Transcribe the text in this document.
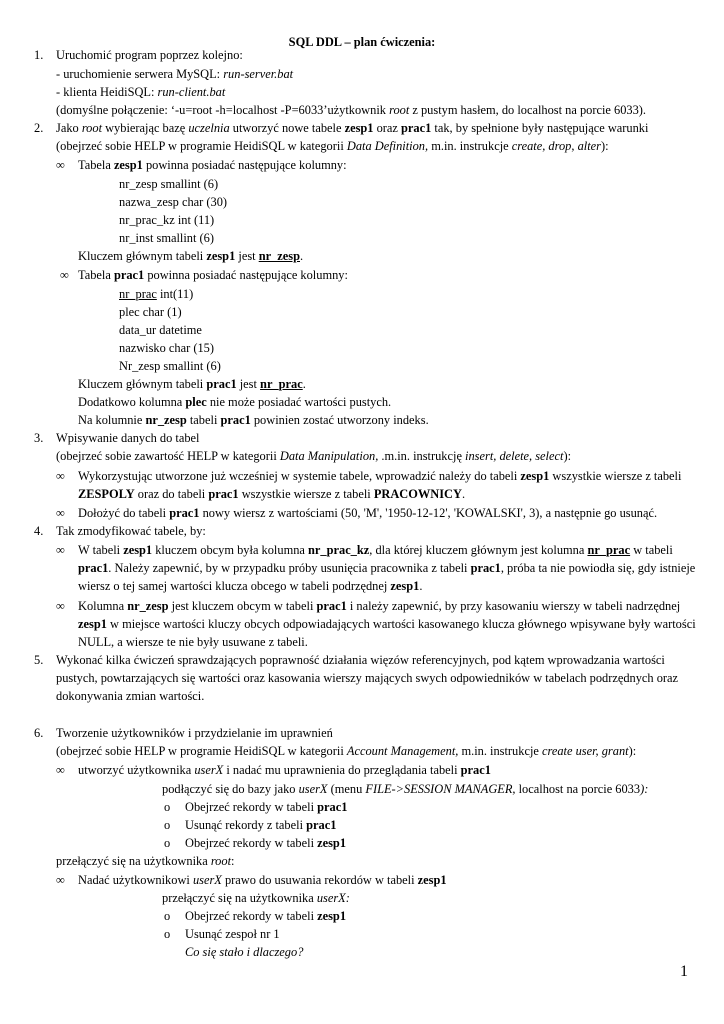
SQL DDL – plan ćwiczenia:
1. Uruchomić program poprzez kolejno:
- uruchomienie serwera MySQL: run-server.bat
- klienta HeidiSQL: run-client.bat
(domyślne połączenie: ‘-u=root -h=localhost -P=6033’użytkownik root z pustym hasłem, do localhost na porcie 6033).
2. Jako root wybierając bazę uczelnia utworzyć nowe tabele zesp1 oraz prac1 tak, by spełnione były następujące warunki
(obejrzeć sobie HELP w programie HeidiSQL w kategorii Data Definition, m.in. instrukcje create, drop, alter):
∞ Tabela zesp1 powinna posiadać następujące kolumny:
nr_zesp smallint (6)
nazwa_zesp char (30)
nr_prac_kz int (11)
nr_inst smallint (6)
Kluczem głównym tabeli zesp1 jest nr_zesp.
∞ Tabela prac1 powinna posiadać następujące kolumny:
nr_prac int(11)
plec char (1)
data_ur datetime
nazwisko char (15)
Nr_zesp smallint (6)
Kluczem głównym tabeli prac1 jest nr_prac.
Dodatkowo kolumna plec nie może posiadać wartości pustych.
Na kolumnie nr_zesp tabeli prac1 powinien zostać utworzony indeks.
3. Wpisywanie danych do tabel
(obejrzeć sobie zawartość HELP w kategorii Data Manipulation, .m.in. instrukcję insert, delete, select):
∞ Wykorzystując utworzone już wcześniej w systemie tabele, wprowadzić należy do tabeli zesp1 wszystkie wiersze z tabeli
ZESPOLY oraz do tabeli prac1 wszystkie wiersze z tabeli PRACOWNICY.
∞ Dołożyć do tabeli prac1 nowy wiersz z wartościami (50, 'M', '1950-12-12', 'KOWALSKI', 3), a następnie go usunąć.
4. Tak zmodyfikować tabele, by:
∞ W tabeli zesp1 kluczem obcym była kolumna nr_prac_kz, dla której kluczem głównym jest kolumna nr_prac w tabeli
prac1. Należy zapewnić, by w przypadku próby usunięcia pracownika z tabeli prac1, próba ta nie powiodła się, gdy istnieje
wiersz o tej samej wartości klucza obcego w tabeli podrzędnej zesp1.
∞ Kolumna nr_zesp jest kluczem obcym w tabeli prac1 i należy zapewnić, by przy kasowaniu wierszy w tabeli nadrzędnej
zesp1 w miejsce wartości kluczy obcych odpowiadających wartości kasowanego klucza głównego wpisywane były wartości
NULL, a wiersze te nie były usuwane z tabeli.
5. Wykonać kilka ćwiczeń sprawdzających poprawność działania więzów referencyjnych, pod kątem wprowadzania wartości
pustych, powtarzających się wartości oraz kasowania wierszy mających swych odpowiedników w tabelach podrzędnych oraz
dokonywania zmian wartości.
6. Tworzenie użytkowników i przydzielanie im uprawnień
(obejrzeć sobie HELP w programie HeidiSQL w kategorii Account Management, m.in. instrukcje create user, grant):
∞ utworzyć użytkownika userX i nadać mu uprawnienia do przeglądania tabeli prac1
podłączyć się do bazy jako userX (menu FILE->SESSION MANAGER, localhost na porcie 6033):
o Obejrzeć rekordy w tabeli prac1
o Usunąć rekordy z tabeli prac1
o Obejrzeć rekordy w tabeli zesp1
przełączyć się na użytkownika root:
∞ Nadać użytkownikowi userX prawo do usuwania rekordów w tabeli zesp1
przełączyć się na użytkownika userX:
o Obejrzeć rekordy w tabeli zesp1
o Usunąć zespoł nr 1
Co się stało i dlaczego?
1
